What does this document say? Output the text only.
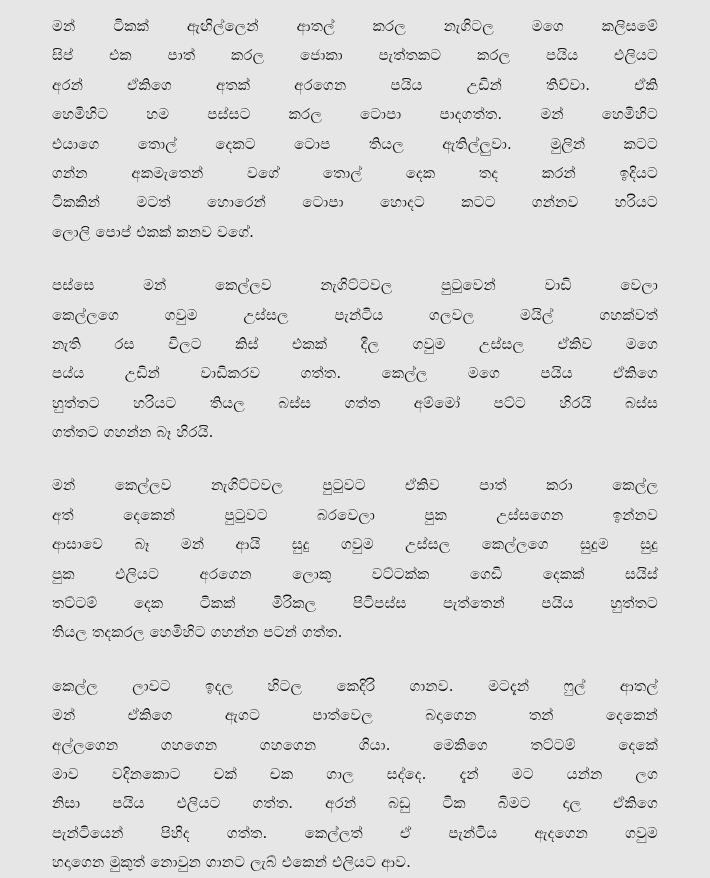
මන් ටිකක් ඇඟිල්ලෙන් ආතල් කරල නැගිටල මගෙ කලිසමේ
සිප් එක පාත් කරල ජොකා පැත්තකට කරල පයිය එලියට
අරන් ඒකිගෙ අතක් අරගෙන පයිය උඩින් තිව්වා. ඒකි
හෙමිහිට හම පස්සට කරල ටොපා පාදගත්ත. මන් හෙමිහිට
එයාගෙ තොල් දෙකට ටොප තියල ඇතිල්ලුවා. මුලින් කටට
ගන්න අකමැතෙන් වගේ තොල් දෙක තද කරන් ඉදියට
ටිකකින් මටත් හොරෙන් ටොපා හොදට කටට ගන්නව හරියට
ලොලි පොප් එකක් කනව වගේ.
පස්සෙ මන් කෙල්ලව නැගිට්ටවල පුටුවෙන් වාඩි වෙලා
කෙල්ලගෙ ගවුම උස්සල පැන්ටිය ගලවල මයිල් ගහක්වත්
නැති රස විලට කිස් එකක් දීල ගවුම උස්සල ඒකිව මගෙ
පය්ය උඩින් වාඩිකරව ගත්ත. කෙල්ල මගෙ පයිය ඒකිගෙ
හුත්තට හරියට තියල බස්ස ගත්ත අම්මෝ පට්ට හිරයි බස්ස
ගත්තට ගහන්න බෑ හිරයි.
මන් කෙල්ලව නැගිට්ටවල පුටුවට ඒකිව පාත් කරා කෙල්ල
අත් දෙකෙන් පුටුවට බරවෙලා පුක උස්සගෙන ඉන්නව
ආසාවෙ බෑ මන් ආයි සුදු ගවුම උස්සල කෙල්ලගෙ සුදුම සුදු
පුක එලියට අරගෙන ලොකු වට්ටක්ක ගෙඩි දෙකක් සයිස්
තට්ටම් දෙක ටිකක් මිරිකල පිටිපස්ස පැත්තෙන් පයිය හුත්තට
තියල තදකරල හෙමිහිට ගහන්න පටන් ගත්ත.
කෙල්ල ලාවට ඉදල හිටල කෙදිරි ගානව. මටදැන් ෆුල් ආතල්
මන් ඒකිගෙ ඇගට පාත්වෙල බදාගෙන තන් දෙකෙන්
අල්ලගෙන ගහගෙන ගහගෙන ගියා. මෙකිගෙ තට්ටම් දෙකේ
මාව වදිනකොට චක් චක ගාල සද්දෙ. දැන් මට යන්න ලග
නිසා පයිය එලියට ගත්ත. අරන් බඩු ටික බිමට දාල ඒකිගෙ
පැන්ටියෙන් පිහිද ගත්ත. කෙල්ලත් ඒ පැන්ටිය ඇදගෙන ගවුම
හදාගෙන මුකුත් නොවුන ගානට ලැබ් එකෙන් එලියට ආව.
